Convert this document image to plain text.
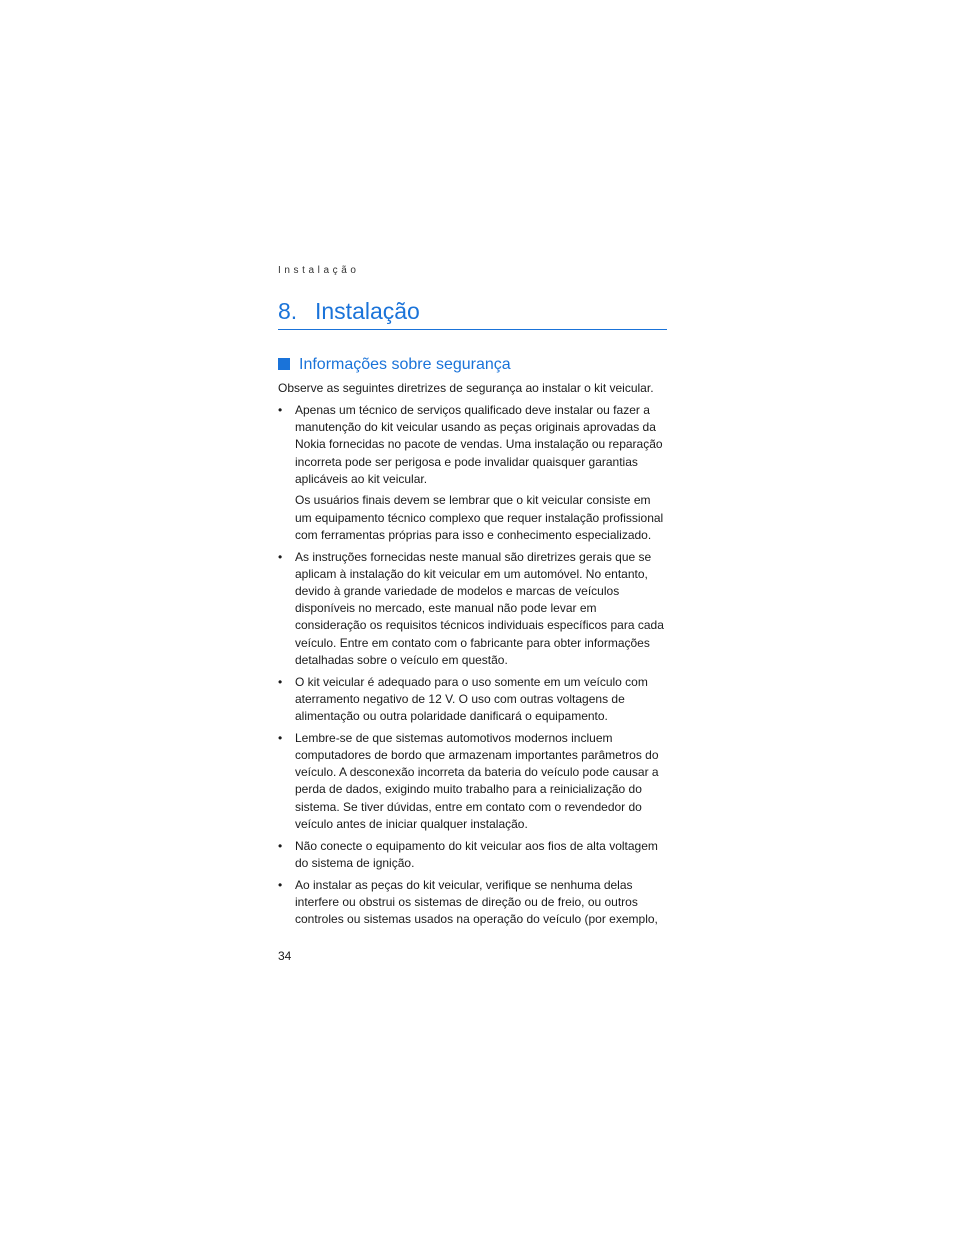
Instalação
8. Instalação
Informações sobre segurança

Observe as seguintes diretrizes de segurança ao instalar o kit veicular.

• Apenas um técnico de serviços qualificado deve instalar ou fazer a manutenção do kit veicular usando as peças originais aprovadas da Nokia fornecidas no pacote de vendas. Uma instalação ou reparação incorreta pode ser perigosa e pode invalidar quaisquer garantias aplicáveis ao kit veicular.

Os usuários finais devem se lembrar que o kit veicular consiste em um equipamento técnico complexo que requer instalação profissional com ferramentas próprias para isso e conhecimento especializado.

• As instruções fornecidas neste manual são diretrizes gerais que se aplicam à instalação do kit veicular em um automóvel. No entanto, devido à grande variedade de modelos e marcas de veículos disponíveis no mercado, este manual não pode levar em consideração os requisitos técnicos individuais específicos para cada veículo. Entre em contato com o fabricante para obter informações detalhadas sobre o veículo em questão.

• O kit veicular é adequado para o uso somente em um veículo com aterramento negativo de 12 V. O uso com outras voltagens de alimentação ou outra polaridade danificará o equipamento.

• Lembre-se de que sistemas automotivos modernos incluem computadores de bordo que armazenam importantes parâmetros do veículo. A desconexão incorreta da bateria do veículo pode causar a perda de dados, exigindo muito trabalho para a reinicialização do sistema. Se tiver dúvidas, entre em contato com o revendedor do veículo antes de iniciar qualquer instalação.

• Não conecte o equipamento do kit veicular aos fios de alta voltagem do sistema de ignição.

• Ao instalar as peças do kit veicular, verifique se nenhuma delas interfere ou obstrui os sistemas de direção ou de freio, ou outros controles ou sistemas usados na operação do veículo (por exemplo,

34
